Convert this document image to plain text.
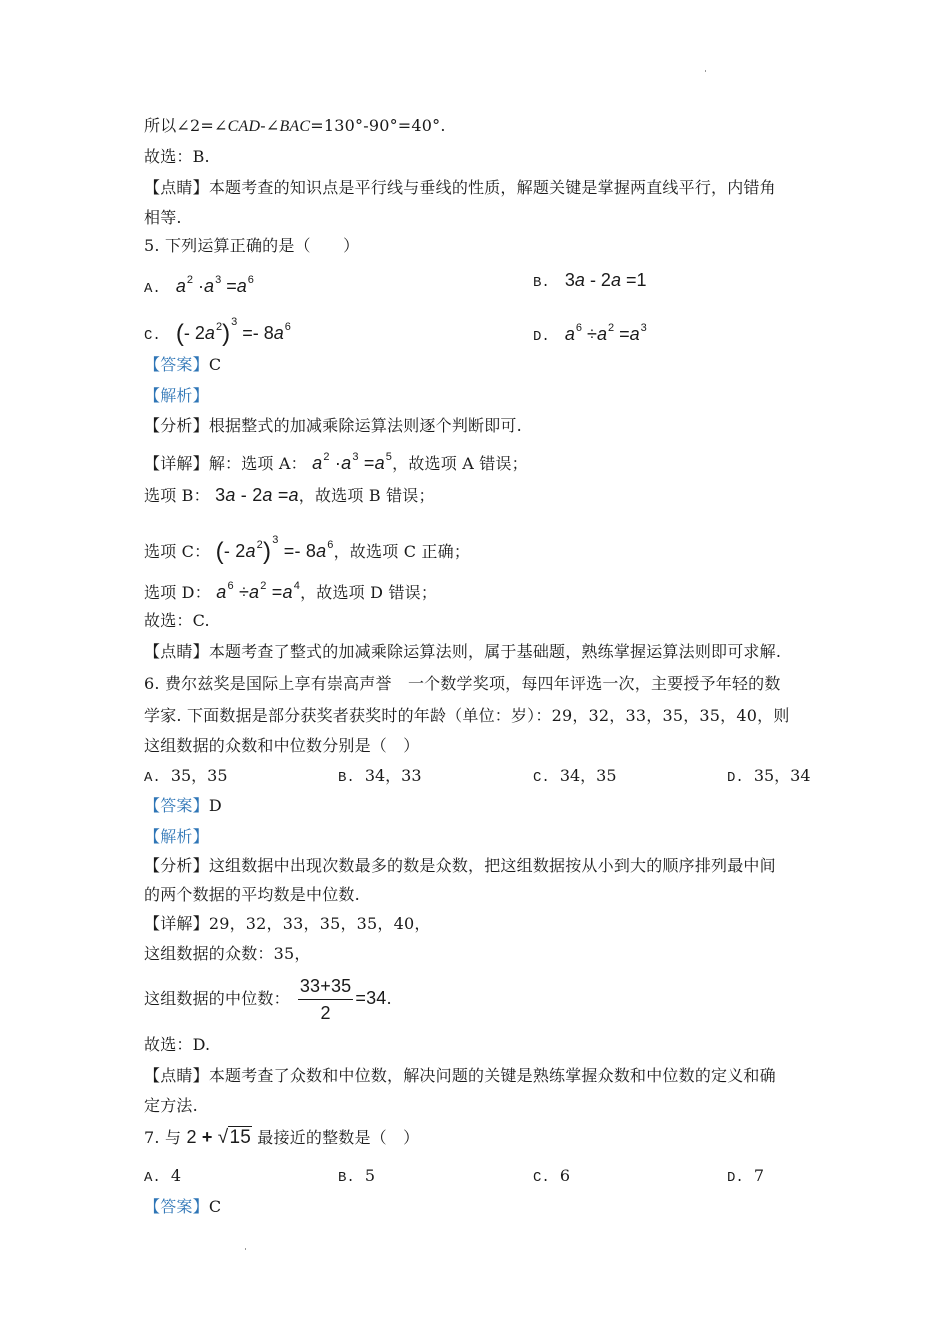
所以∠2=∠CAD-∠BAC=130°-90°=40°.
故选：B.
【点睛】本题考查的知识点是平行线与垂线的性质，解题关键是掌握两直线平行，内错角
相等.
5. 下列运算正确的是（　　）
A. $a^2 \cdot a^3 =a^6$	B. 3a - 2a =1
C. (- $2a^2)^3 =- 8a^6$
D. $a^6 \div a^2 =a^3$
【答案】C
【解析】
【分析】根据整式的加减乘除运算法则逐个判断即可.
【详解】解：选项 A： $a^2 \cdot a^3 =a^5$，故选项 A 错误；
选项 B： 3a - 2a =a，故选项 B 错误；
选项 C： (- $2a^2)^3 =- 8a^6$，故选项 C 正确；
选项 D： $a^6 \div a^2 =a^4$，故选项 D 错误；
故选：C.
【点睛】本题考查了整式的加减乘除运算法则，属于基础题，熟练掌握运算法则即可求解.
6. 费尔兹奖是国际上享有崇高声誉　一个数学奖项，每四年评选一次，主要授予年轻的数
学家. 下面数据是部分获奖者获奖时的年龄（单位：岁）：29，32，33，35，35，40，则
这组数据的众数和中位数分别是（　）
A. 35，35	B. 34，33	C. 34，35	D. 35，34
【答案】D
【解析】
【分析】这组数据中出现次数最多的数是众数，把这组数据按从小到大的顺序排列最中间
的两个数据的平均数是中位数.
【详解】29，32，33，35，35，40，
这组数据的众数：35，
这组数据的中位数： $\frac{33+35}{2} =34$.
故选：D.
【点睛】本题考查了众数和中位数，解决问题的关键是熟练掌握众数和中位数的定义和确
定方法.
7. 与 2 + √15 最接近的整数是（　）
A. 4	B. 5	C. 6	D. 7
【答案】C
